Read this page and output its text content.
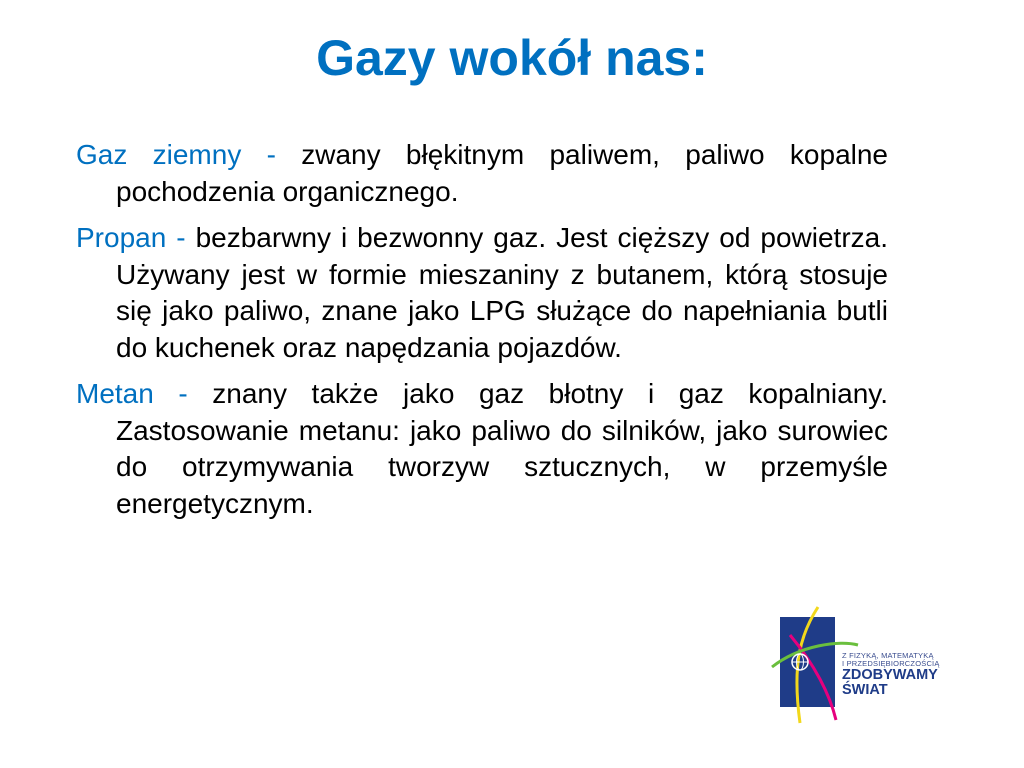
Gazy wokół nas:

Gaz ziemny - zwany błękitnym paliwem, paliwo kopalne pochodzenia organicznego.

Propan - bezbarwny i bezwonny gaz. Jest cięższy od powietrza. Używany jest w formie mieszaniny z butanem, którą stosuje się jako paliwo, znane jako LPG służące do napełniania butli do kuchenek oraz napędzania pojazdów.

Metan - znany także jako gaz błotny i gaz kopalniany. Zastosowanie metanu: jako paliwo do silników, jako surowiec do otrzymywania tworzyw sztucznych, w przemyśle energetycznym.

Z FIZYKĄ, MATEMATYKĄ
I PRZEDSIĘBIORCZOŚCIĄ
ZDOBYWAMY
ŚWIAT
